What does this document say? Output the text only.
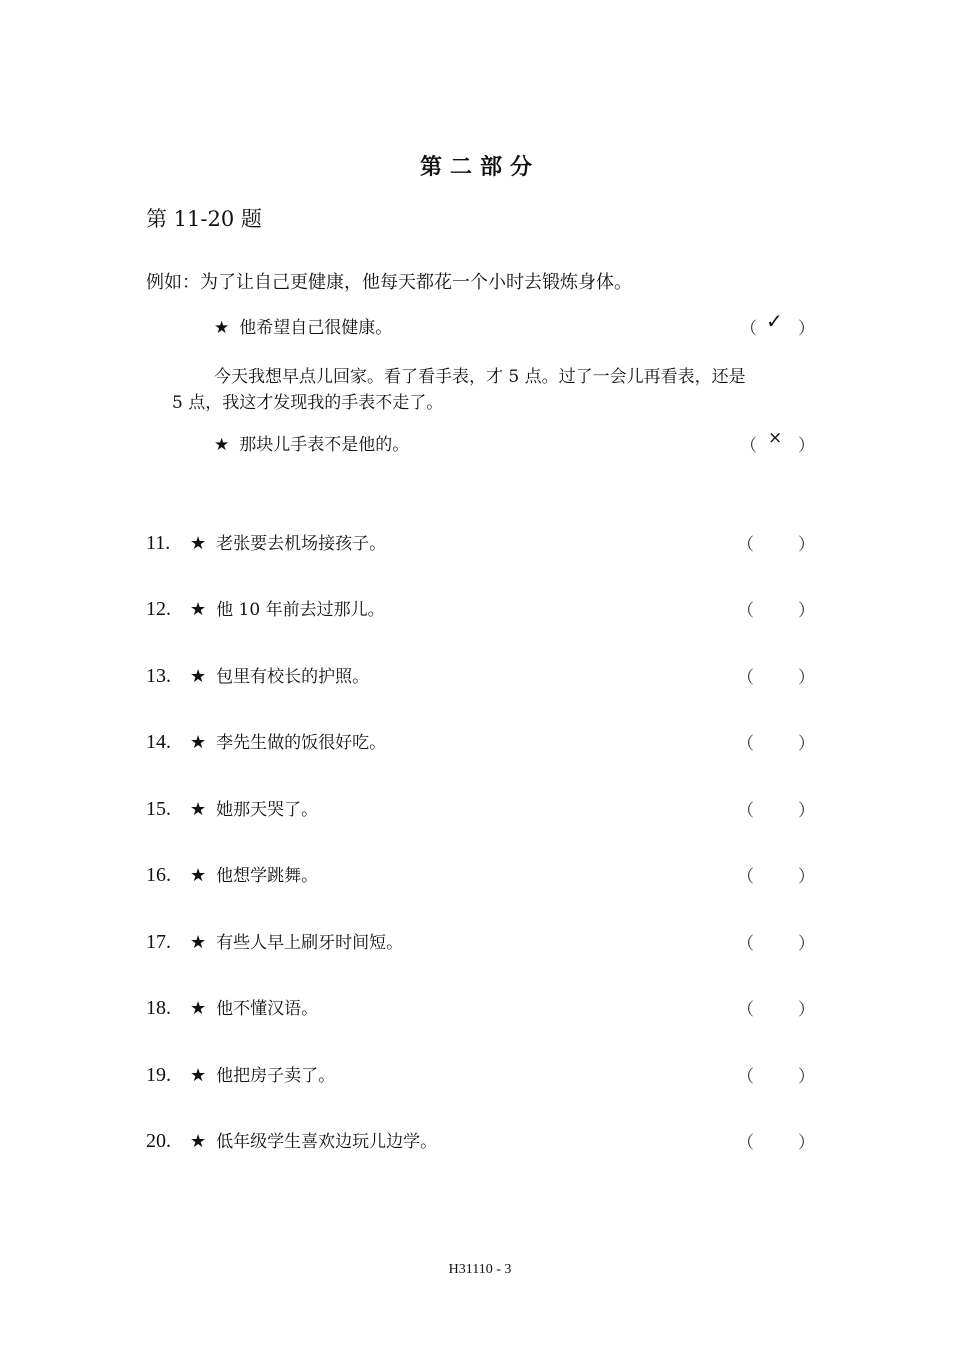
第二部分
第 11-20 题
例如：为了让自己更健康，他每天都花一个小时去锻炼身体。
★ 他希望自己很健康。	（ ✓ ）
今天我想早点儿回家。看了看手表，才 5 点。过了一会儿再看表，还是
5 点，我这才发现我的手表不走了。
★ 那块儿手表不是他的。	（ × ）
11. ★ 老张要去机场接孩子。	（	）
12. ★ 他 10 年前去过那儿。	（	）
13. ★ 包里有校长的护照。	（	）
14. ★ 李先生做的饭很好吃。	（	）
15. ★ 她那天哭了。	（	）
16. ★ 他想学跳舞。	（	）
17. ★ 有些人早上刷牙时间短。	（	）
18. ★ 他不懂汉语。	（	）
19. ★ 他把房子卖了。	（	）
20. ★ 低年级学生喜欢边玩儿边学。	（	）
H31110 - 3
